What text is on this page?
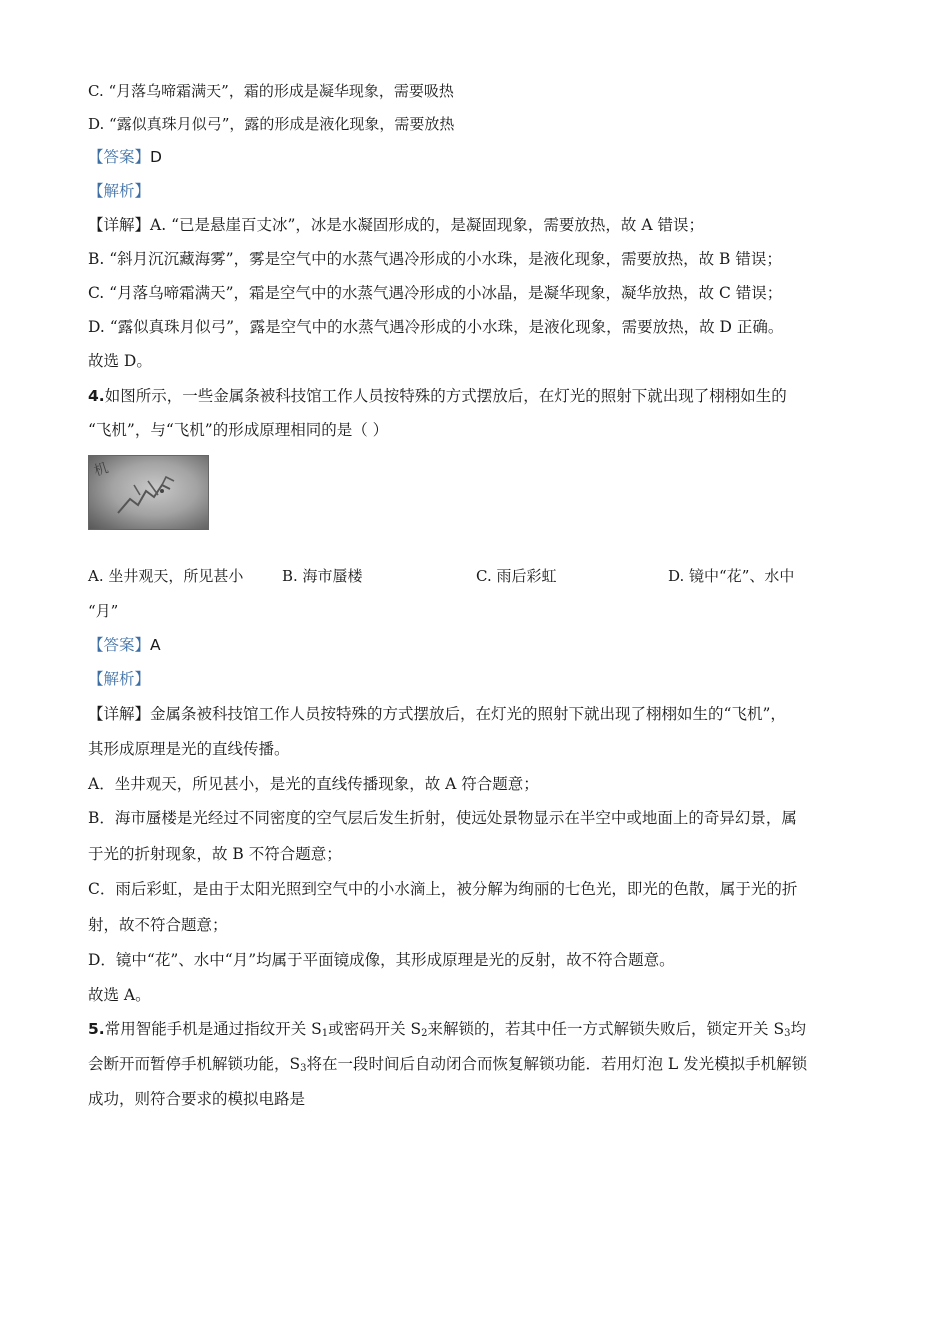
C. “月落乌啼霜满天”，霜的形成是凝华现象，需要吸热
D. “露似真珠月似弓”，露的形成是液化现象，需要放热
【答案】D
【解析】
【详解】A. “已是悬崖百丈冰”，冰是水凝固形成的，是凝固现象，需要放热，故 A 错误；
B. “斜月沉沉藏海雾”，雾是空气中的水蒸气遇冷形成的小水珠，是液化现象，需要放热，故 B 错误；
C. “月落乌啼霜满天”，霜是空气中的水蒸气遇冷形成的小冰晶，是凝华现象，凝华放热，故 C 错误；
D. “露似真珠月似弓”，露是空气中的水蒸气遇冷形成的小水珠，是液化现象，需要放热，故 D 正确。
故选 D。
4.如图所示，一些金属条被科技馆工作人员按特殊的方式摆放后，在灯光的照射下就出现了栩栩如生的
“飞机”，与“飞机”的形成原理相同的是（ ）
机
A. 坐井观天，所见甚小	B. 海市蜃楼	C. 雨后彩虹	D. 镜中“花”、水中
“月”
【答案】A
【解析】
【详解】金属条被科技馆工作人员按特殊的方式摆放后，在灯光的照射下就出现了栩栩如生的“飞机”，
其形成原理是光的直线传播。
A．坐井观天，所见甚小，是光的直线传播现象，故 A 符合题意；
B．海市蜃楼是光经过不同密度的空气层后发生折射，使远处景物显示在半空中或地面上的奇异幻景，属
于光的折射现象，故 B 不符合题意；
C．雨后彩虹，是由于太阳光照到空气中的小水滴上，被分解为绚丽的七色光，即光的色散，属于光的折
射，故不符合题意；
D．镜中“花”、水中“月”均属于平面镜成像，其形成原理是光的反射，故不符合题意。
故选 A。
5.常用智能手机是通过指纹开关 $S_1$或密码开关 $S_2$来解锁的，若其中任一方式解锁失败后，锁定开关 $S_3$均
会断开而暂停手机解锁功能，$S_3$将在一段时间后自动闭合而恢复解锁功能．若用灯泡 L 发光模拟手机解锁
成功，则符合要求的模拟电路是
